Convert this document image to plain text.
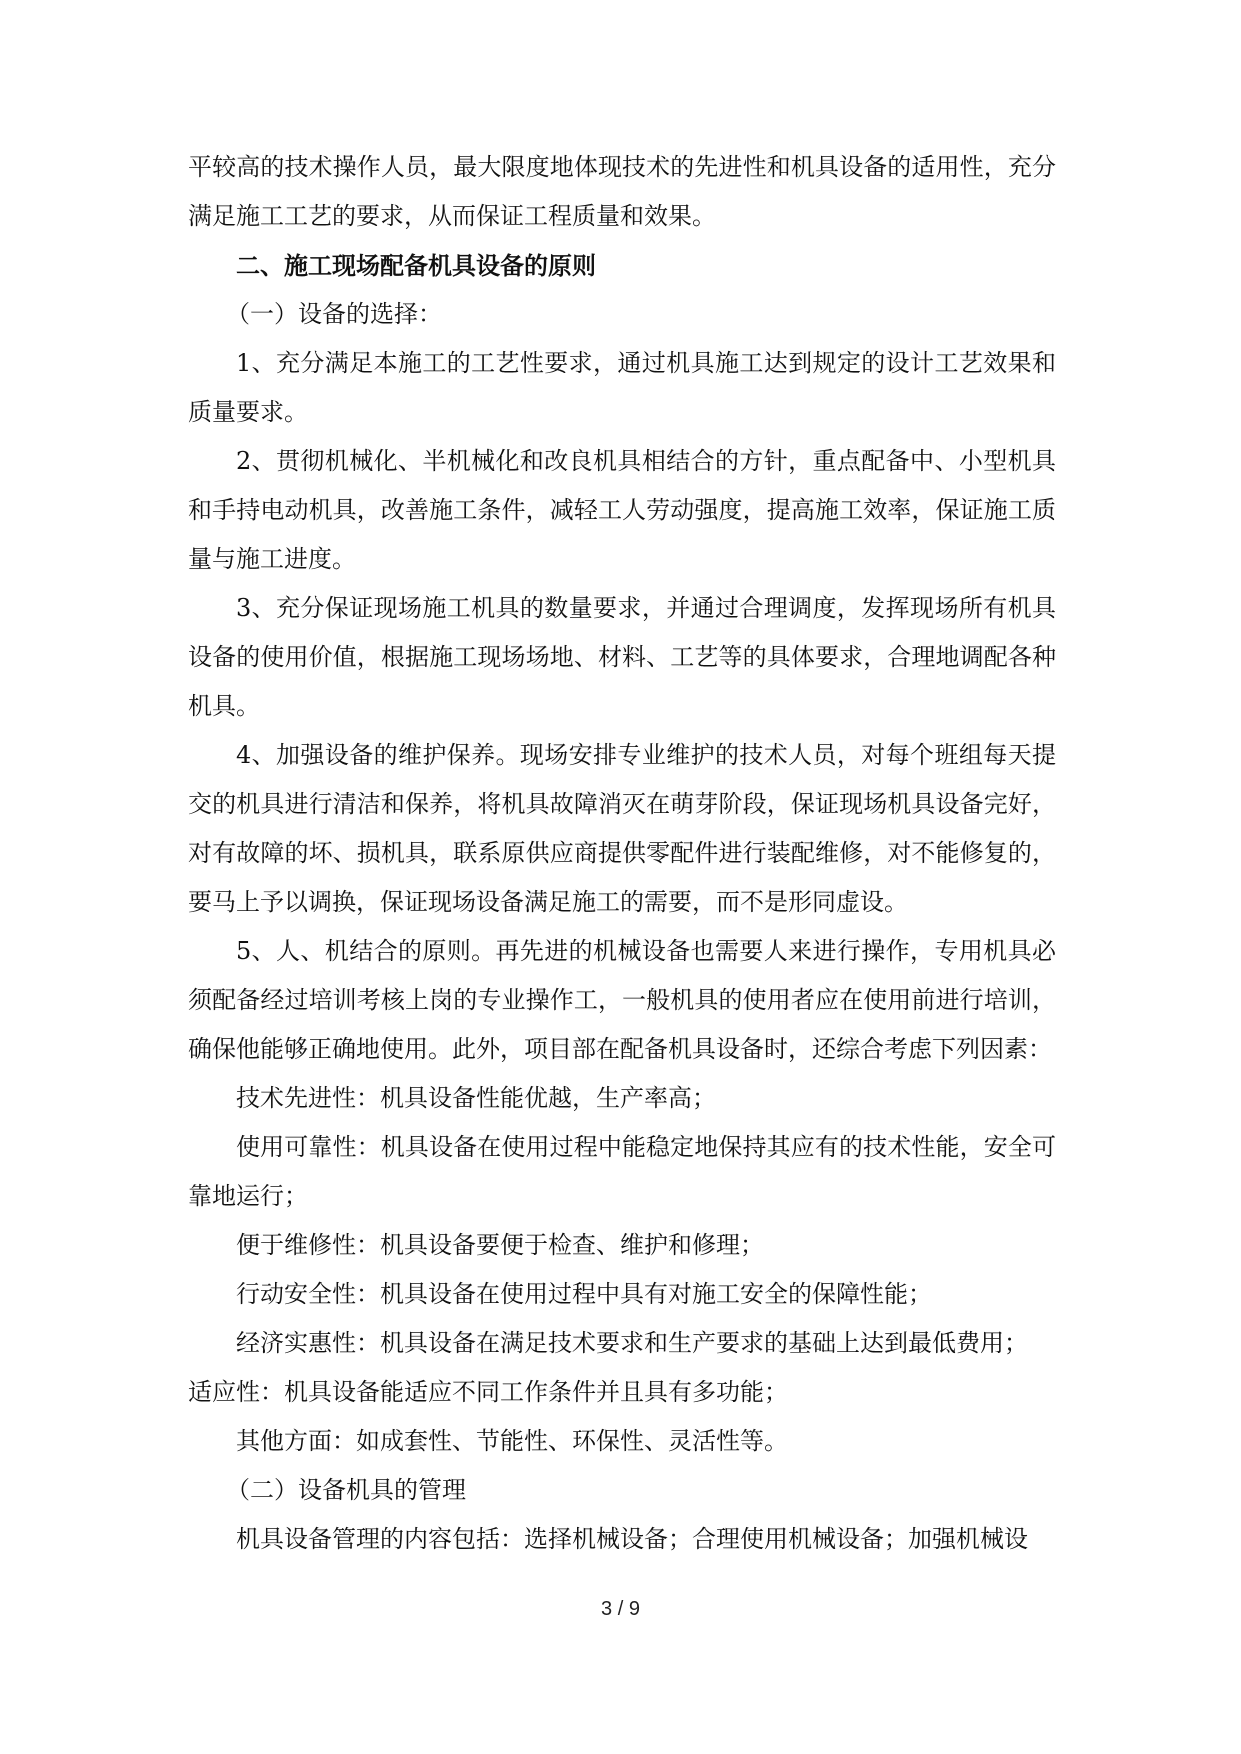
平较高的技术操作人员，最大限度地体现技术的先进性和机具设备的适用性，充分满足施工工艺的要求，从而保证工程质量和效果。

二、施工现场配备机具设备的原则

（一）设备的选择：

1、充分满足本施工的工艺性要求，通过机具施工达到规定的设计工艺效果和质量要求。

2、贯彻机械化、半机械化和改良机具相结合的方针，重点配备中、小型机具和手持电动机具，改善施工条件，减轻工人劳动强度，提高施工效率，保证施工质量与施工进度。

3、充分保证现场施工机具的数量要求，并通过合理调度，发挥现场所有机具设备的使用价值，根据施工现场场地、材料、工艺等的具体要求，合理地调配各种机具。

4、加强设备的维护保养。现场安排专业维护的技术人员，对每个班组每天提交的机具进行清洁和保养，将机具故障消灭在萌芽阶段，保证现场机具设备完好，对有故障的坏、损机具，联系原供应商提供零配件进行装配维修，对不能修复的，要马上予以调换，保证现场设备满足施工的需要，而不是形同虚设。

5、人、机结合的原则。再先进的机械设备也需要人来进行操作，专用机具必须配备经过培训考核上岗的专业操作工，一般机具的使用者应在使用前进行培训，确保他能够正确地使用。此外，项目部在配备机具设备时，还综合考虑下列因素：

技术先进性：机具设备性能优越，生产率高；

使用可靠性：机具设备在使用过程中能稳定地保持其应有的技术性能，安全可靠地运行；

便于维修性：机具设备要便于检查、维护和修理；

行动安全性：机具设备在使用过程中具有对施工安全的保障性能；

经济实惠性：机具设备在满足技术要求和生产要求的基础上达到最低费用；

适应性：机具设备能适应不同工作条件并且具有多功能；

其他方面：如成套性、节能性、环保性、灵活性等。

（二）设备机具的管理

机具设备管理的内容包括：选择机械设备；合理使用机械设备；加强机械设

3 / 9
